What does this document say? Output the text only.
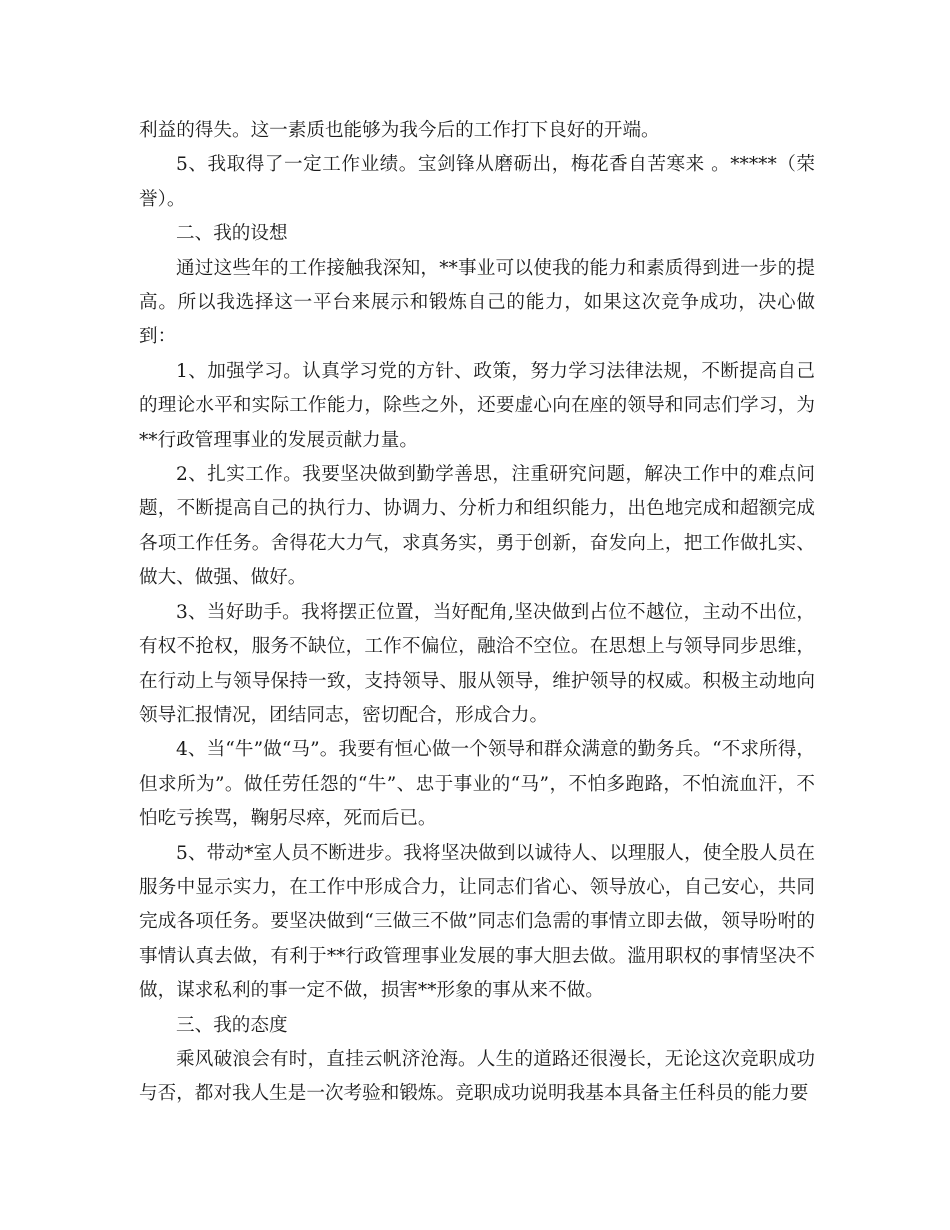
利益的得失。这一素质也能够为我今后的工作打下良好的开端。

5、我取得了一定工作业绩。宝剑锋从磨砺出，梅花香自苦寒来 。*****（荣誉）。

二、我的设想

通过这些年的工作接触我深知，**事业可以使我的能力和素质得到进一步的提高。所以我选择这一平台来展示和锻炼自己的能力，如果这次竞争成功，决心做到：

1、加强学习。认真学习党的方针、政策，努力学习法律法规，不断提高自己的理论水平和实际工作能力，除些之外，还要虚心向在座的领导和同志们学习，为**行政管理事业的发展贡献力量。

2、扎实工作。我要坚决做到勤学善思，注重研究问题，解决工作中的难点问题，不断提高自己的执行力、协调力、分析力和组织能力，出色地完成和超额完成各项工作任务。舍得花大力气，求真务实，勇于创新，奋发向上，把工作做扎实、做大、做强、做好。

3、当好助手。我将摆正位置，当好配角,坚决做到占位不越位，主动不出位，有权不抢权，服务不缺位，工作不偏位，融洽不空位。在思想上与领导同步思维，在行动上与领导保持一致，支持领导、服从领导，维护领导的权威。积极主动地向领导汇报情况，团结同志，密切配合，形成合力。

4、当“牛”做“马”。我要有恒心做一个领导和群众满意的勤务兵。“不求所得，但求所为”。做任劳任怨的“牛”、忠于事业的“马”，不怕多跑路，不怕流血汗，不怕吃亏挨骂，鞠躬尽瘁，死而后已。

5、带动*室人员不断进步。我将坚决做到以诚待人、以理服人，使全股人员在服务中显示实力，在工作中形成合力，让同志们省心、领导放心，自己安心，共同完成各项任务。要坚决做到“三做三不做”同志们急需的事情立即去做，领导吩咐的事情认真去做，有利于**行政管理事业发展的事大胆去做。滥用职权的事情坚决不做，谋求私利的事一定不做，损害**形象的事从来不做。

三、我的态度

乘风破浪会有时，直挂云帆济沧海。人生的道路还很漫长，无论这次竞职成功与否，都对我人生是一次考验和锻炼。竞职成功说明我基本具备主任科员的能力要
